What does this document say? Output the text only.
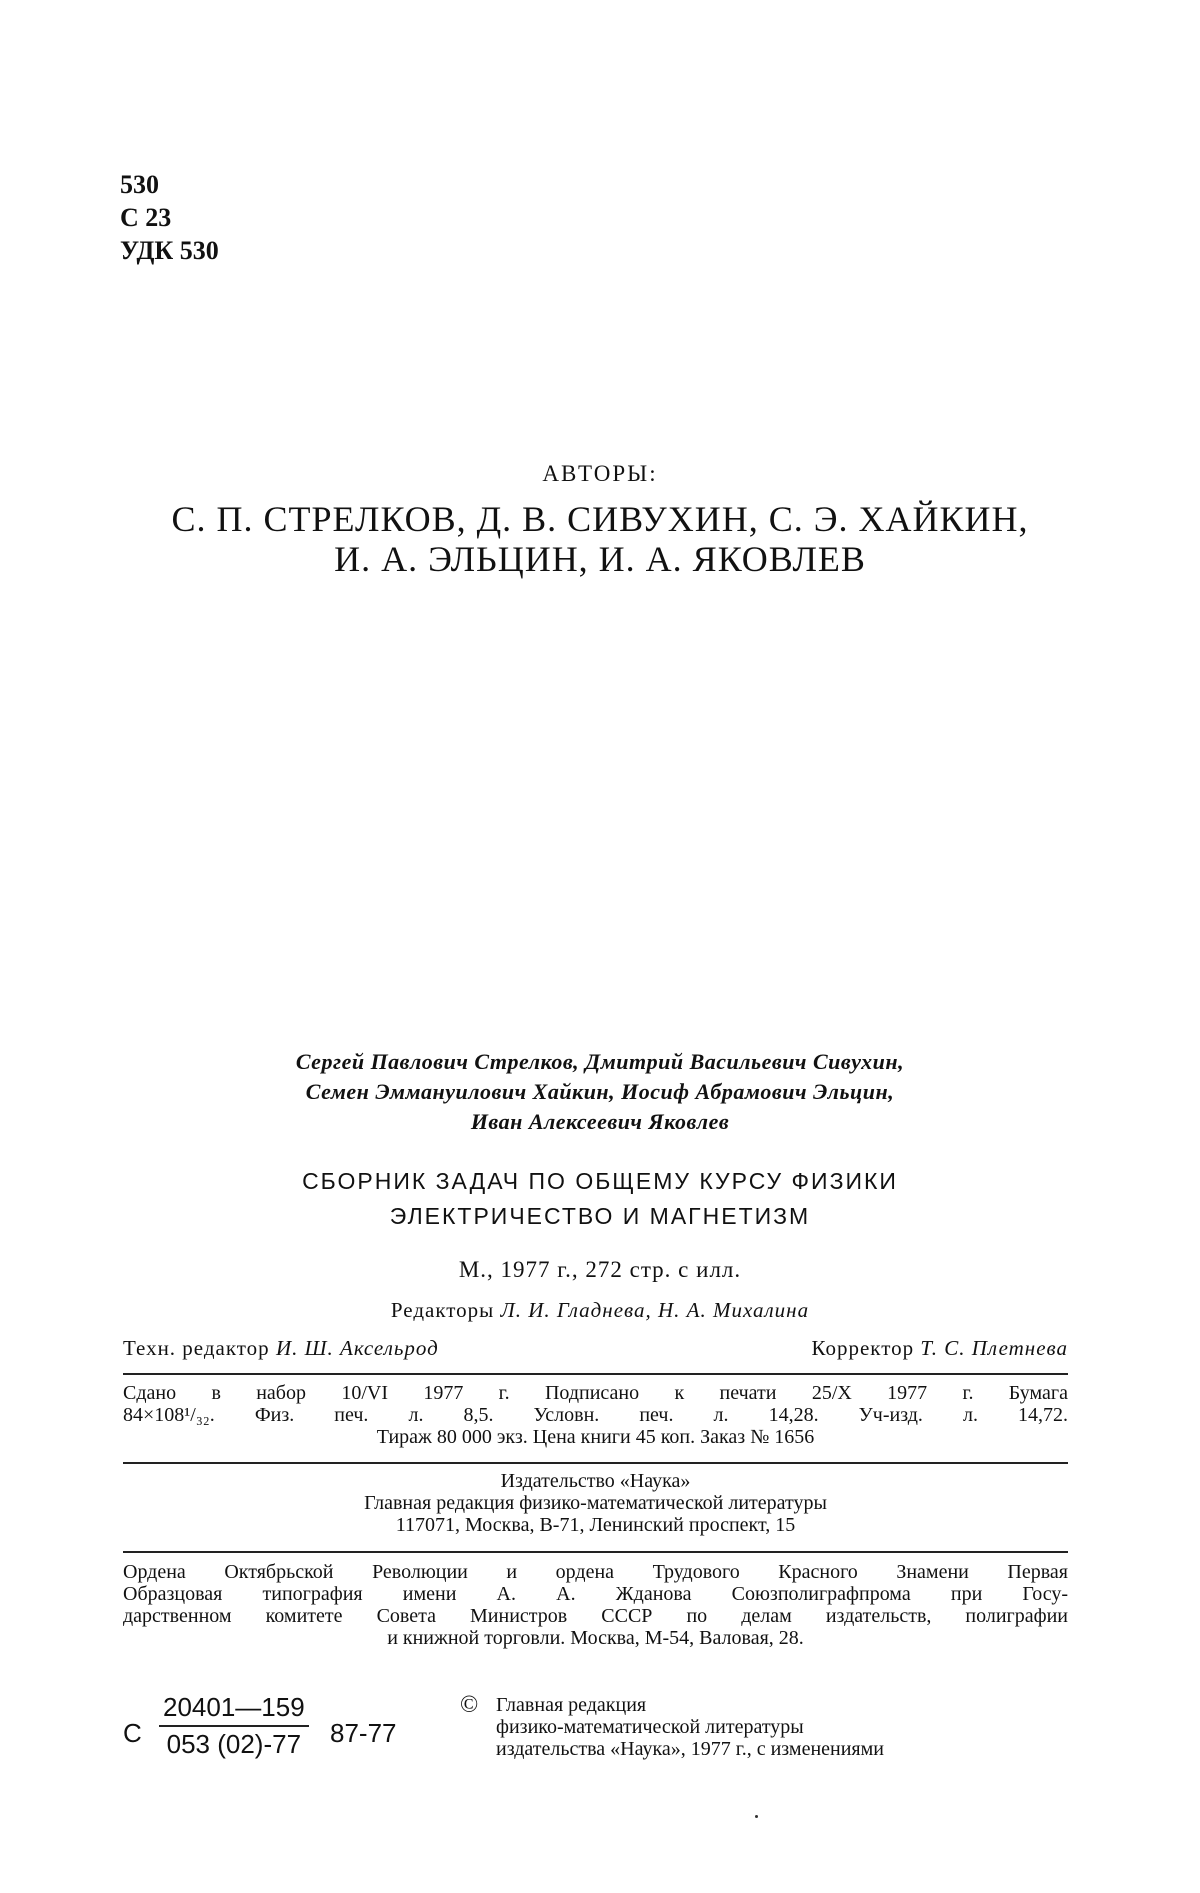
530
С 23
УДК 530
АВТОРЫ:
С. П. СТРЕЛКОВ, Д. В. СИВУХИН, С. Э. ХАЙКИН,
И. А. ЭЛЬЦИН, И. А. ЯКОВЛЕВ
Сергей Павлович Стрелков, Дмитрий Васильевич Сивухин,
Семен Эммануилович Хайкин, Иосиф Абрамович Эльцин,
Иван Алексеевич Яковлев
СБОРНИК ЗАДАЧ ПО ОБЩЕМУ КУРСУ ФИЗИКИ
ЭЛЕКТРИЧЕСТВО И МАГНЕТИЗМ
М., 1977 г., 272 стр. с илл.
Редакторы Л. И. Гладнева, Н. А. Михалина
Техн. редактор И. Ш. Аксельрод	Корректор Т. С. Плетнева
Сдано в набор 10/VI 1977 г. Подписано к печати 25/X 1977 г. Бумага
84×108¹/₃₂. Физ. печ. л. 8,5. Условн. печ. л. 14,28. Уч-изд. л. 14,72.
Тираж 80 000 экз. Цена книги 45 коп. Заказ № 1656
Издательство «Наука»
Главная редакция физико-математической литературы
117071, Москва, В-71, Ленинский проспект, 15
Ордена Октябрьской Революции и ордена Трудового Красного Знамени Первая
Образцовая типография имени А. А. Жданова Союзполиграфпрома при Госу-
дарственном комитете Совета Министров СССР по делам издательств, полиграфии
и книжной торговли. Москва, М-54, Валовая, 28.
С $\frac{20401—159}{053 (02)-77} 87-77$
© Главная редакция
физико-математической литературы
издательства «Наука», 1977 г., с изменениями
